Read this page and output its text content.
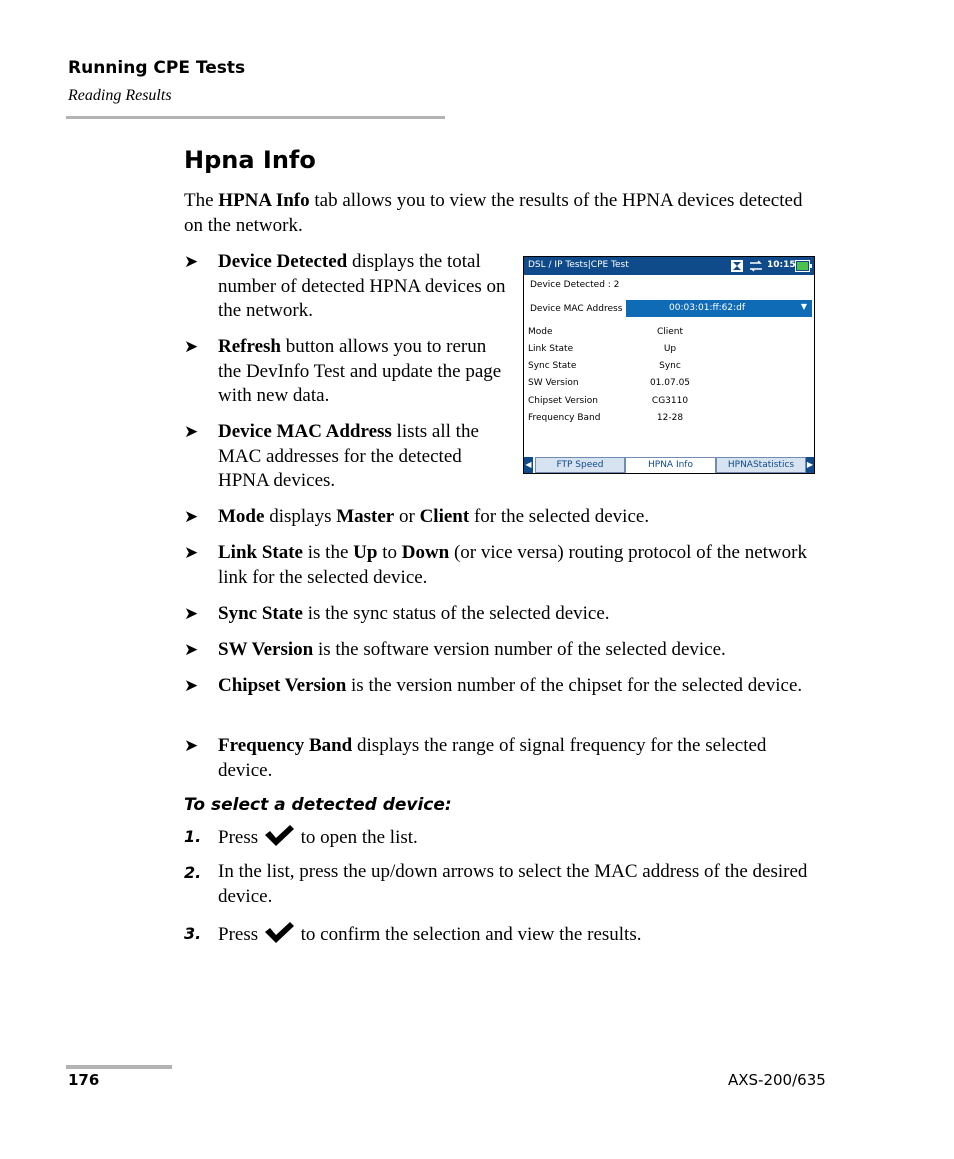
Running CPE Tests
Reading Results
Hpna Info
The HPNA Info tab allows you to view the results of the HPNA devices detected on the network.
➤	Device Detected displays the total number of detected HPNA devices on the network.
➤	Refresh button allows you to rerun the DevInfo Test and update the page with new data.
➤	Device MAC Address lists all the MAC addresses for the detected HPNA devices.
➤	Mode displays Master or Client for the selected device.
➤	Link State is the Up to Down (or vice versa) routing protocol of the network link for the selected device.
➤	Sync State is the sync status of the selected device.
➤	SW Version is the software version number of the selected device.
➤	Chipset Version is the version number of the chipset for the selected device.
➤	Frequency Band displays the range of signal frequency for the selected device.
To select a detected device:
1. Press to open the list.
2. In the list, press the up/down arrows to select the MAC address of the desired device.
3. Press to confirm the selection and view the results.
DSL / IP Tests|CPE Test	10:15
Device Detected : 2
Device MAC Address	00:03:01:ff:62:df	▼
Mode	Client
Link State	Up
Sync State	Sync
SW Version	01.07.05
Chipset Version	CG3110
Frequency Band	12-28
◀	FTP Speed	HPNA Info	HPNAStatistics	▶
176	AXS-200/635
